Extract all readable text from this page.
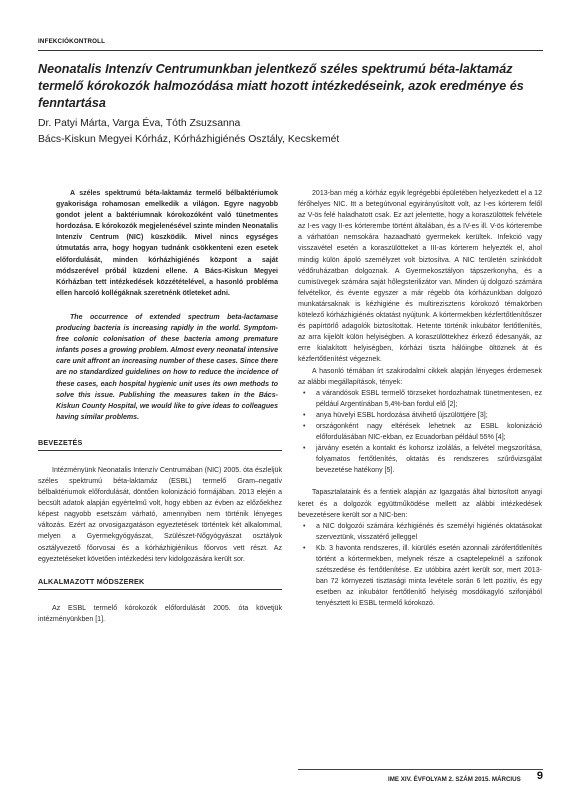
INFEKCIÓKONTROLL
Neonatalis Intenzív Centrumunkban jelentkező széles spektrumú béta-laktamáz termelő kórokozók halmozódása miatt hozott intézkedéseink, azok eredménye és fenntartása
Dr. Patyi Márta, Varga Éva, Tóth Zsuzsanna
Bács-Kiskun Megyei Kórház, Kórházhigiénés Osztály, Kecskemét

A széles spektrumú béta-laktamáz termelő bélbaktériumok gyakorisága rohamosan emelkedik a világon. Egyre nagyobb gondot jelent a baktériumnak kórokozóként való tünetmentes hordozása. E kórokozók megjelenésével szinte minden Neonatalis Intenzív Centrum (NIC) küszködik. Mivel nincs egységes útmutatás arra, hogy hogyan tudnánk csökkenteni ezen esetek előfordulását, minden kórházhigiénés központ a saját módszerével próbál küzdeni ellene. A Bács-Kiskun Megyei Kórházban tett intézkedések közzétételével, a hasonló probléma ellen harcoló kollégáknak szeretnénk ötleteket adni.

The occurrence of extended spectrum beta-lactamase producing bacteria is increasing rapidly in the world. Symptom-free colonic colonisation of these bacteria among premature infants poses a growing problem. Almost every neonatal intensive care unit affront an increasing number of these cases. Since there are no standardized guidelines on how to reduce the incidence of these cases, each hospital hygienic unit uses its own methods to solve this issue. Publishing the measures taken in the Bács-Kiskun County Hospital, we would like to give ideas to colleagues having similar problems.

BEVEZETÉS

Intézményünk Neonatalis Intenzív Centrumában (NIC) 2005. óta észleljük széles spektrumú béta-laktamáz (ESBL) termelő Gram–negatív bélbaktériumok előfordulását, döntően kolonizáció formájában. 2013 elején a becsült adatok alapján egyértelmű volt, hogy ebben az évben az előzőekhez képest nagyobb esetszám várható, amennyiben nem történik lényeges változás. Ezért az orvosigazgatáson egyeztetések történtek két alkalommal, melyen a Gyermekgyógyászat, Szülészet-Nőgyógyászat osztályok osztályvezető főorvosai és a kórházhigiénikus főorvos vett részt. Az egyeztetéseket követően intézkedési terv kidolgozására került sor.

ALKALMAZOTT MÓDSZEREK

Az ESBL termelő kórokozók előfordulását 2005. óta követjük intézményünkben [1].

2013-ban még a kórház egyik legrégebbi épületében helyezkedett el a 12 férőhelyes NIC. Itt a betegútvonal egyirányúsított volt, az I-es kórterem felől az V-ös felé haladhatott csak. Ez azt jelentette, hogy a koraszülöttek felvétele az I-es vagy II-es kórterembe történt általában, és a IV-es ill. V-ös kórterembe a várhatóan nemsokára hazaadható gyermekek kerültek. Infekció vagy visszavétel esetén a koraszülötteket a III-as kórterem helyezték el, ahol mindig külön ápoló személyzet volt biztosítva. A NIC területén színkódolt védőruházatban dolgoznak. A Gyermekosztályon tápszerkonyha, és a cumisüvegek számára saját hőlegsterilizátor van. Minden új dolgozó számára felvételkor, és évente egyszer a már régebb óta kórházunkban dolgozó munkatársaknak is kézhigiéne és multirezisztens kórokozó témakörben kötelező kórházhigiénés oktatást nyújtunk. A kórtermekben kézfertőtlenítőszer és papírtörlő adagolók biztosítottak. Hetente történik inkubátor fertőtlenítés, az arra kijelölt külön helyiségben. A koraszülöttekhez érkező édesanyák, az erre kialakított helyiségben, kórházi tiszta hálóingbe öltöznek át és kézfertőtlenítést végeznek.

A hasonló témában írt szakirodalmi cikkek alapján lényeges érdemesek az alábbi megállapítások, tények:

• a várandósok ESBL termelő törzseket hordozhatnak tünetmentesen, ez például Argentínában 5,4%-ban fordul elő [2];
• anya hüvelyi ESBL hordozása átvihető újszülöttjére [3];
• országonként nagy eltérések lehetnek az ESBL kolonizáció előfordulásában NIC-ekban, ez Ecuadorban például 55% [4];
• járvány esetén a kontakt és kohorsz izolálás, a felvétel megszorítása, folyamatos fertőtlenítés, oktatás és rendszeres szűrővizsgálat bevezetése hatékony [5].

Tapasztalataink és a fentiek alapján az Igazgatás által biztosított anyagi keret és a dolgozók együttműködése mellett az alábbi intézkedések bevezetésere került sor a NIC-ben:

• a NIC dolgozói számára kézhigiénés és személyi higiénés oktatásokat szerveztünk, visszatérő jelleggel
• Kb. 3 havonta rendszeres, ill. kiürülés esetén azonnali zárófertőtlenítés történt a kórtermekben, melynek része a csaptelepeknél a szifonok szétszedése és fertőtlenítése. Ez utóbbira azért került sor, mert 2013-ban 72 környezeti tisztasági minta levétele során 6 lett pozitív, és egy esetben az inkubátor fertőtlenítő helyiség mosdókagyló szifonjából tenyésztett ki ESBL termelő kórokozó.
IME XIV. ÉVFOLYAM 2. SZÁM 2015. MÁRCIUS 9
